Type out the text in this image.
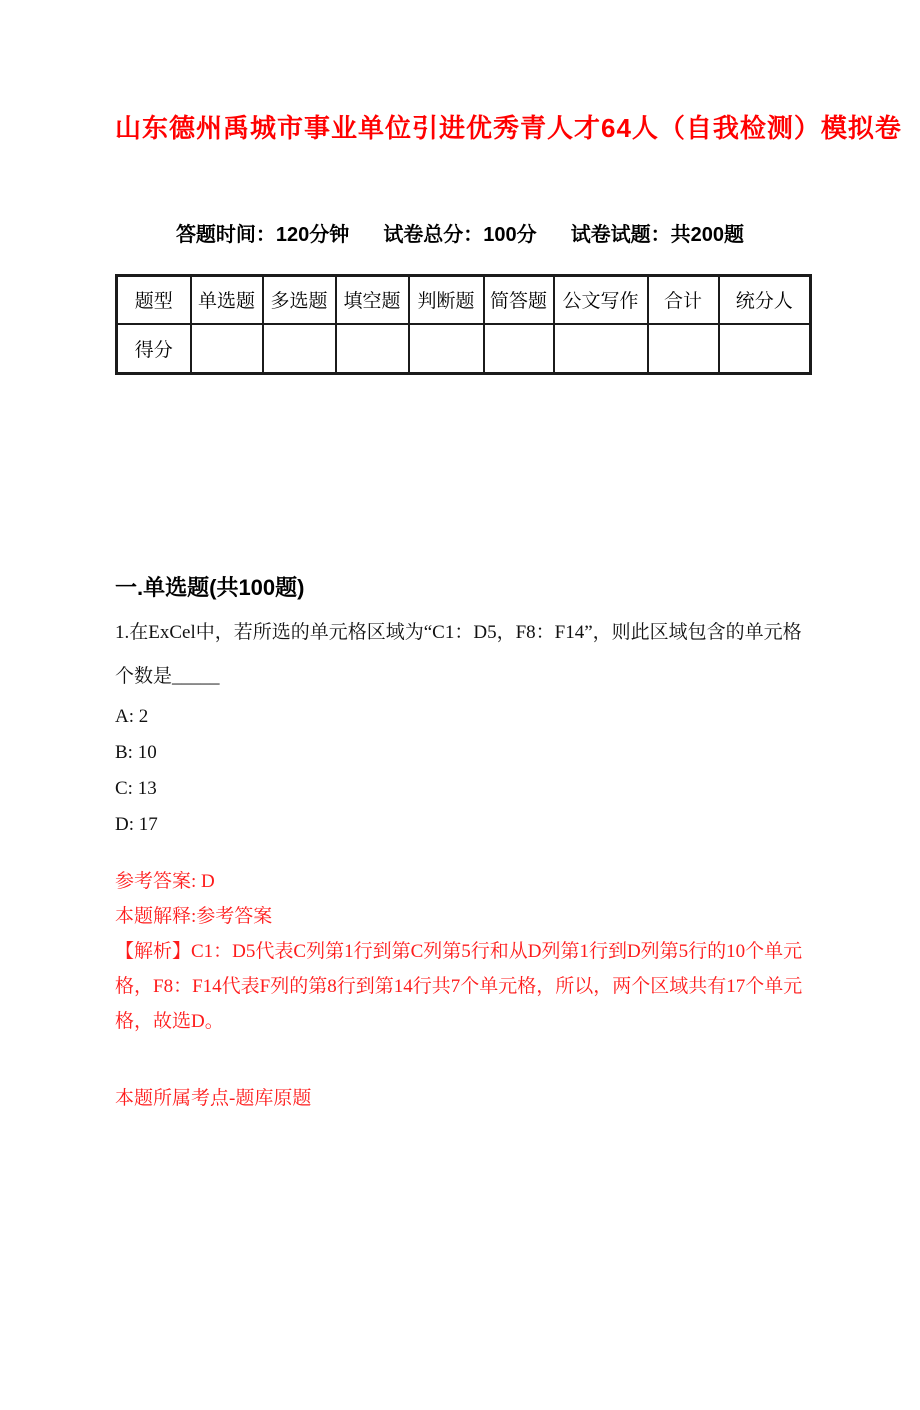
山东德州禹城市事业单位引进优秀青人才64人（自我检测）模拟卷
答题时间：120分钟 试卷总分：100分 试卷试题：共200题
题型	单选题	多选题	填空题	判断题	简答题	公文写作	合计	统分人
得分								
一.单选题(共100题)
1.在ExCel中，若所选的单元格区域为“C1：D5，F8：F14”，则此区域包含的单元格个数是_____
A: 2
B: 10
C: 13
D: 17
参考答案: D
本题解释:参考答案
【解析】C1：D5代表C列第1行到第C列第5行和从D列第1行到D列第5行的10个单元格，F8：F14代表F列的第8行到第14行共7个单元格，所以，两个区域共有17个单元格，故选D。
本题所属考点-题库原题
